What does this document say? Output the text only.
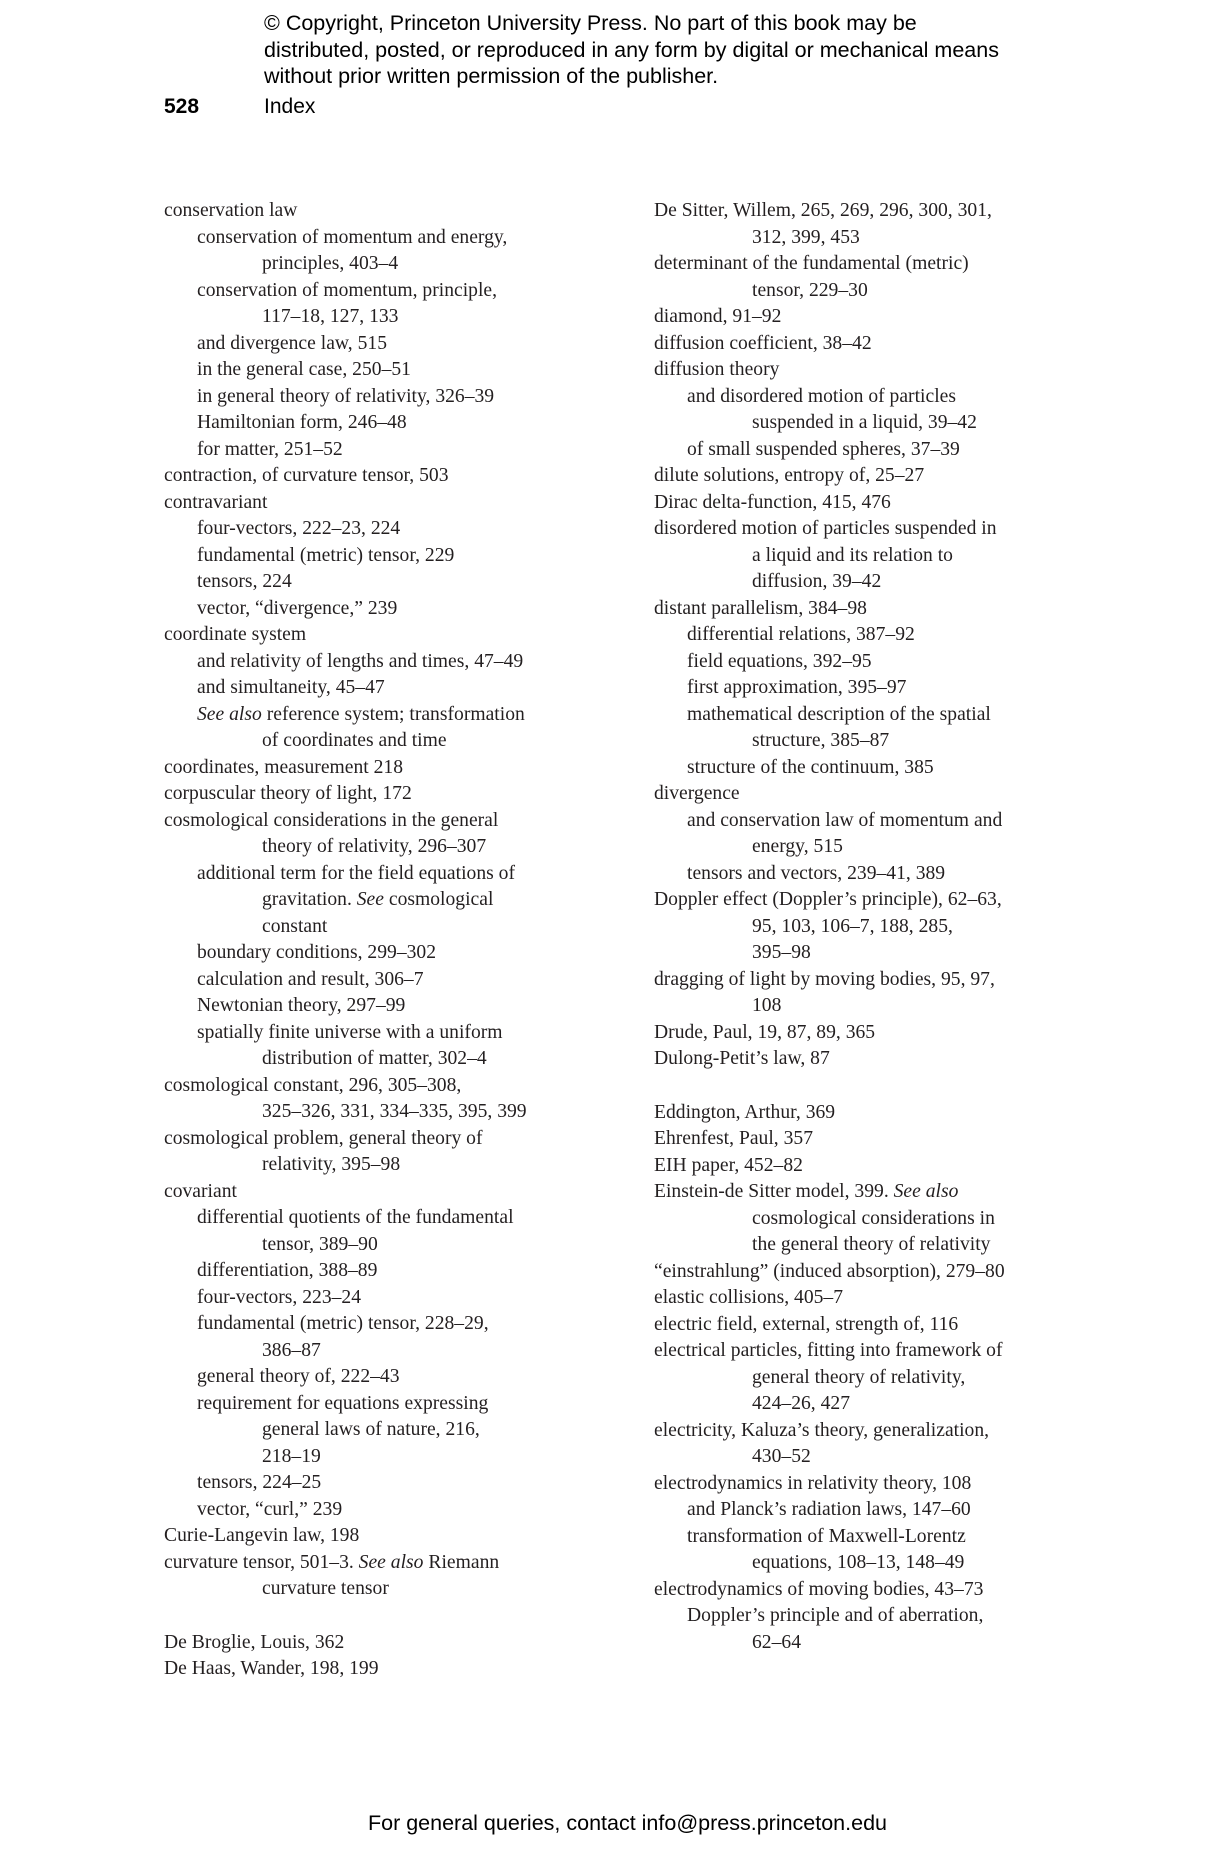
© Copyright, Princeton University Press. No part of this book may be distributed, posted, or reproduced in any form by digital or mechanical means without prior written permission of the publisher.
528	Index
conservation law
conservation of momentum and energy,
principles, 403–4
conservation of momentum, principle,
117–18, 127, 133
and divergence law, 515
in the general case, 250–51
in general theory of relativity, 326–39
Hamiltonian form, 246–48
for matter, 251–52
contraction, of curvature tensor, 503
contravariant
four-vectors, 222–23, 224
fundamental (metric) tensor, 229
tensors, 224
vector, “divergence,” 239
coordinate system
and relativity of lengths and times, 47–49
and simultaneity, 45–47
See also reference system; transformation
of coordinates and time
coordinates, measurement 218
corpuscular theory of light, 172
cosmological considerations in the general
theory of relativity, 296–307
additional term for the field equations of
gravitation. See cosmological
constant
boundary conditions, 299–302
calculation and result, 306–7
Newtonian theory, 297–99
spatially finite universe with a uniform
distribution of matter, 302–4
cosmological constant, 296, 305–308,
325–326, 331, 334–335, 395, 399
cosmological problem, general theory of
relativity, 395–98
covariant
differential quotients of the fundamental
tensor, 389–90
differentiation, 388–89
four-vectors, 223–24
fundamental (metric) tensor, 228–29,
386–87
general theory of, 222–43
requirement for equations expressing
general laws of nature, 216,
218–19
tensors, 224–25
vector, “curl,” 239
Curie-Langevin law, 198
curvature tensor, 501–3. See also Riemann
curvature tensor
De Broglie, Louis, 362
De Haas, Wander, 198, 199
De Sitter, Willem, 265, 269, 296, 300, 301,
312, 399, 453
determinant of the fundamental (metric)
tensor, 229–30
diamond, 91–92
diffusion coefficient, 38–42
diffusion theory
and disordered motion of particles
suspended in a liquid, 39–42
of small suspended spheres, 37–39
dilute solutions, entropy of, 25–27
Dirac delta-function, 415, 476
disordered motion of particles suspended in
a liquid and its relation to
diffusion, 39–42
distant parallelism, 384–98
differential relations, 387–92
field equations, 392–95
first approximation, 395–97
mathematical description of the spatial
structure, 385–87
structure of the continuum, 385
divergence
and conservation law of momentum and
energy, 515
tensors and vectors, 239–41, 389
Doppler effect (Doppler’s principle), 62–63,
95, 103, 106–7, 188, 285,
395–98
dragging of light by moving bodies, 95, 97,
108
Drude, Paul, 19, 87, 89, 365
Dulong-Petit’s law, 87
Eddington, Arthur, 369
Ehrenfest, Paul, 357
EIH paper, 452–82
Einstein-de Sitter model, 399. See also
cosmological considerations in
the general theory of relativity
“einstrahlung” (induced absorption), 279–80
elastic collisions, 405–7
electric field, external, strength of, 116
electrical particles, fitting into framework of
general theory of relativity,
424–26, 427
electricity, Kaluza’s theory, generalization,
430–52
electrodynamics in relativity theory, 108
and Planck’s radiation laws, 147–60
transformation of Maxwell-Lorentz
equations, 108–13, 148–49
electrodynamics of moving bodies, 43–73
Doppler’s principle and of aberration,
62–64
For general queries, contact info@press.princeton.edu
